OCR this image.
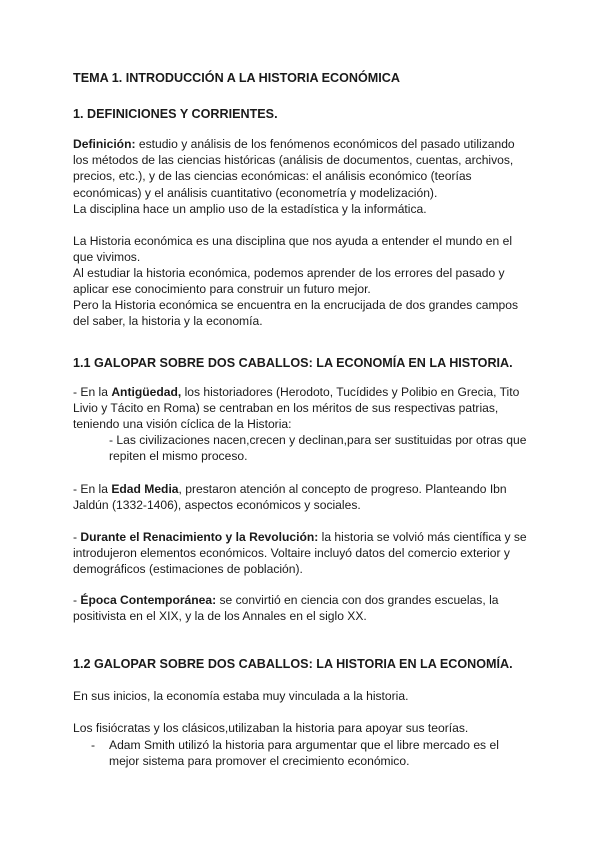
TEMA 1. INTRODUCCIÓN A LA HISTORIA ECONÓMICA

1. DEFINICIONES Y CORRIENTES.

Definición: estudio y análisis de los fenómenos económicos del pasado utilizando los métodos de las ciencias históricas (análisis de documentos, cuentas, archivos, precios, etc.), y de las ciencias económicas: el análisis económico (teorías económicas) y el análisis cuantitativo (econometría y modelización).

La disciplina hace un amplio uso de la estadística y la informática.

La Historia económica es una disciplina que nos ayuda a entender el mundo en el que vivimos.

Al estudiar la historia económica, podemos aprender de los errores del pasado y aplicar ese conocimiento para construir un futuro mejor.

Pero la Historia económica se encuentra en la encrucijada de dos grandes campos del saber, la historia y la economía.

1.1 GALOPAR SOBRE DOS CABALLOS: LA ECONOMÍA EN LA HISTORIA.

- En la Antigüedad, los historiadores (Herodoto, Tucídides y Polibio en Grecia, Tito Livio y Tácito en Roma) se centraban en los méritos de sus respectivas patrias, teniendo una visión cíclica de la Historia:

- Las civilizaciones nacen,crecen y declinan,para ser sustituidas por otras que repiten el mismo proceso.

- En la Edad Media, prestaron atención al concepto de progreso. Planteando Ibn Jaldún (1332-1406), aspectos económicos y sociales.

- Durante el Renacimiento y la Revolución: la historia se volvió más científica y se introdujeron elementos económicos. Voltaire incluyó datos del comercio exterior y demográficos (estimaciones de población).

- Época Contemporánea: se convirtió en ciencia con dos grandes escuelas, la positivista en el XIX, y la de los Annales en el siglo XX.

1.2 GALOPAR SOBRE DOS CABALLOS: LA HISTORIA EN LA ECONOMÍA.

En sus inicios, la economía estaba muy vinculada a la historia.

Los fisiócratas y los clásicos,utilizaban la historia para apoyar sus teorías.

- Adam Smith utilizó la historia para argumentar que el libre mercado es el mejor sistema para promover el crecimiento económico.
